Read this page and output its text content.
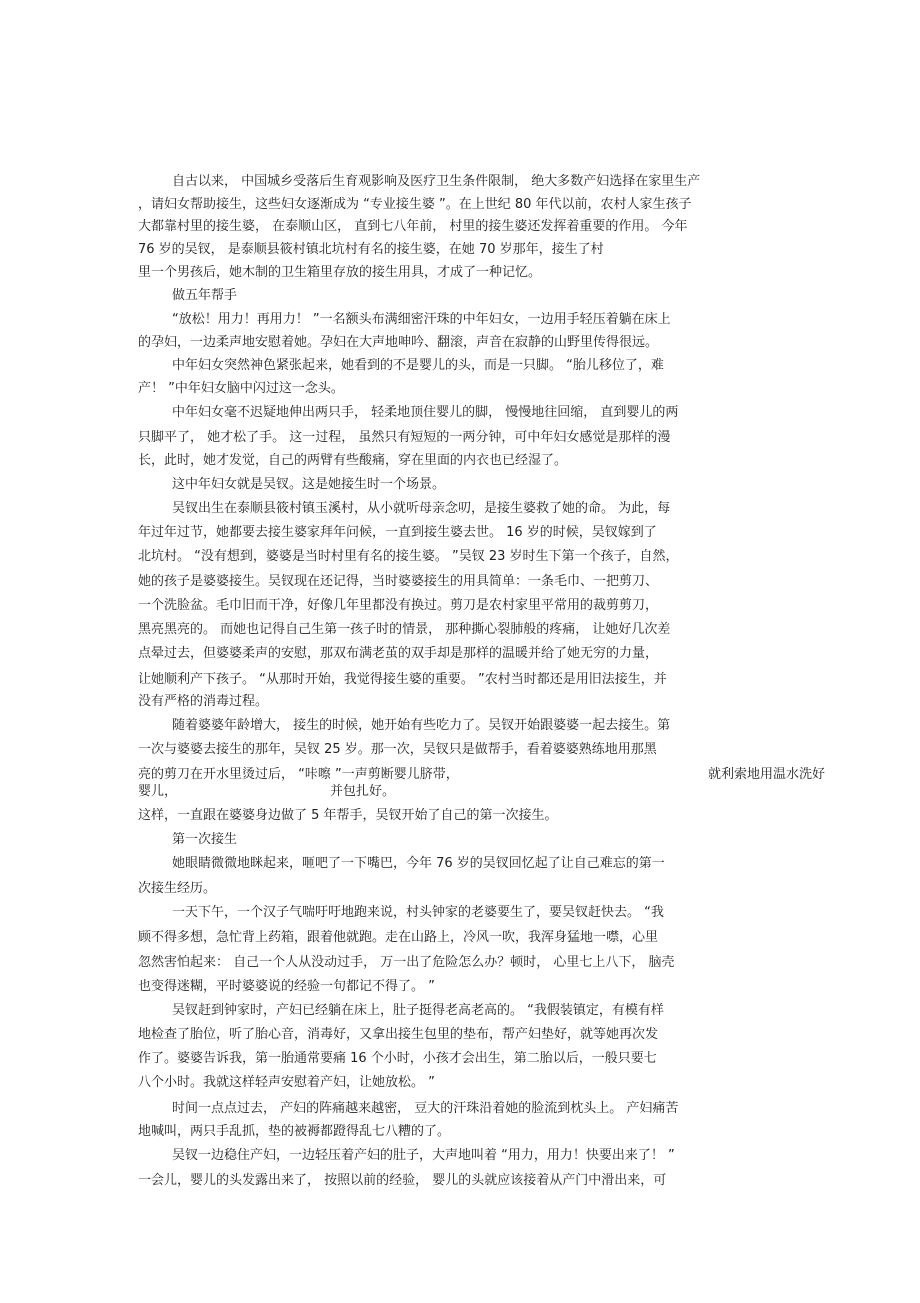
自古以来， 中国城乡受落后生育观影响及医疗卫生条件限制， 绝大多数产妇选择在家里生产
，请妇女帮助接生，这些妇女逐渐成为 “专业接生婆 ”。在上世纪 80 年代以前，农村人家生孩子
大都靠村里的接生婆， 在泰顺山区， 直到七八年前， 村里的接生婆还发挥着重要的作用。 今年
76 岁的吴钗， 是泰顺县筱村镇北坑村有名的接生婆，在她 70 岁那年，接生了村
里一个男孩后，她木制的卫生箱里存放的接生用具，才成了一种记忆。
做五年帮手
“放松！用力！再用力！ ”一名额头布满细密汗珠的中年妇女，一边用手轻压着躺在床上
的孕妇，一边柔声地安慰着她。孕妇在大声地呻吟、翻滚，声音在寂静的山野里传得很远。
中年妇女突然神色紧张起来，她看到的不是婴儿的头，而是一只脚。 “胎儿移位了，难
产！ ”中年妇女脑中闪过这一念头。
中年妇女毫不迟疑地伸出两只手， 轻柔地顶住婴儿的脚， 慢慢地往回缩， 直到婴儿的两
只脚平了， 她才松了手。 这一过程， 虽然只有短短的一两分钟，可中年妇女感觉是那样的漫
长，此时，她才发觉，自己的两臂有些酸痛，穿在里面的内衣也已经湿了。
这中年妇女就是吴钗。这是她接生时一个场景。
吴钗出生在泰顺县筱村镇玉溪村，从小就听母亲念叨，是接生婆救了她的命。 为此，每
年过年过节，她都要去接生婆家拜年问候，一直到接生婆去世。 16 岁的时候，吴钗嫁到了
北坑村。 “没有想到，婆婆是当时村里有名的接生婆。 ”吴钗 23 岁时生下第一个孩子，自然，
她的孩子是婆婆接生。吴钗现在还记得，当时婆婆接生的用具简单：一条毛巾、一把剪刀、
一个洗脸盆。毛巾旧而干净，好像几年里都没有换过。剪刀是农村家里平常用的裁剪剪刀，
黑亮黑亮的。 而她也记得自己生第一孩子时的情景， 那种撕心裂肺般的疼痛， 让她好几次差
点晕过去，但婆婆柔声的安慰，那双布满老茧的双手却是那样的温暖并给了她无穷的力量，
让她顺利产下孩子。 “从那时开始，我觉得接生婆的重要。 ”农村当时都还是用旧法接生，并
没有严格的消毒过程。
随着婆婆年龄增大， 接生的时候，她开始有些吃力了。吴钗开始跟婆婆一起去接生。第
一次与婆婆去接生的那年，吴钗 25 岁。那一次，吴钗只是做帮手，看着婆婆熟练地用那黑
亮的剪刀在开水里烫过后， “咔嚓 ”一声剪断婴儿脐带，	就利索地用温水洗好
婴儿，	并包扎好。
这样，一直跟在婆婆身边做了 5 年帮手，吴钗开始了自己的第一次接生。
第一次接生
她眼睛微微地眯起来，咂吧了一下嘴巴，今年 76 岁的吴钗回忆起了让自己难忘的第一
次接生经历。
一天下午，一个汉子气喘吁吁地跑来说，村头钟家的老婆要生了，要吴钗赶快去。 “我
顾不得多想，急忙背上药箱，跟着他就跑。走在山路上，冷风一吹，我浑身猛地一噤，心里
忽然害怕起来： 自己一个人从没动过手， 万一出了危险怎么办？顿时， 心里七上八下， 脑壳
也变得迷糊，平时婆婆说的经验一句都记不得了。 ”
吴钗赶到钟家时，产妇已经躺在床上，肚子挺得老高老高的。 “我假装镇定，有模有样
地检查了胎位，听了胎心音，消毒好，又拿出接生包里的垫布，帮产妇垫好，就等她再次发
作了。婆婆告诉我，第一胎通常要痛 16 个小时，小孩才会出生，第二胎以后，一般只要七
八个小时。我就这样轻声安慰着产妇，让她放松。 ”
时间一点点过去， 产妇的阵痛越来越密， 豆大的汗珠沿着她的脸流到枕头上。 产妇痛苦
地喊叫，两只手乱抓，垫的被褥都蹬得乱七八糟的了。
吴钗一边稳住产妇，一边轻压着产妇的肚子，大声地叫着 “用力，用力！快要出来了！ ”
一会儿，婴儿的头发露出来了， 按照以前的经验， 婴儿的头就应该接着从产门中滑出来，可
